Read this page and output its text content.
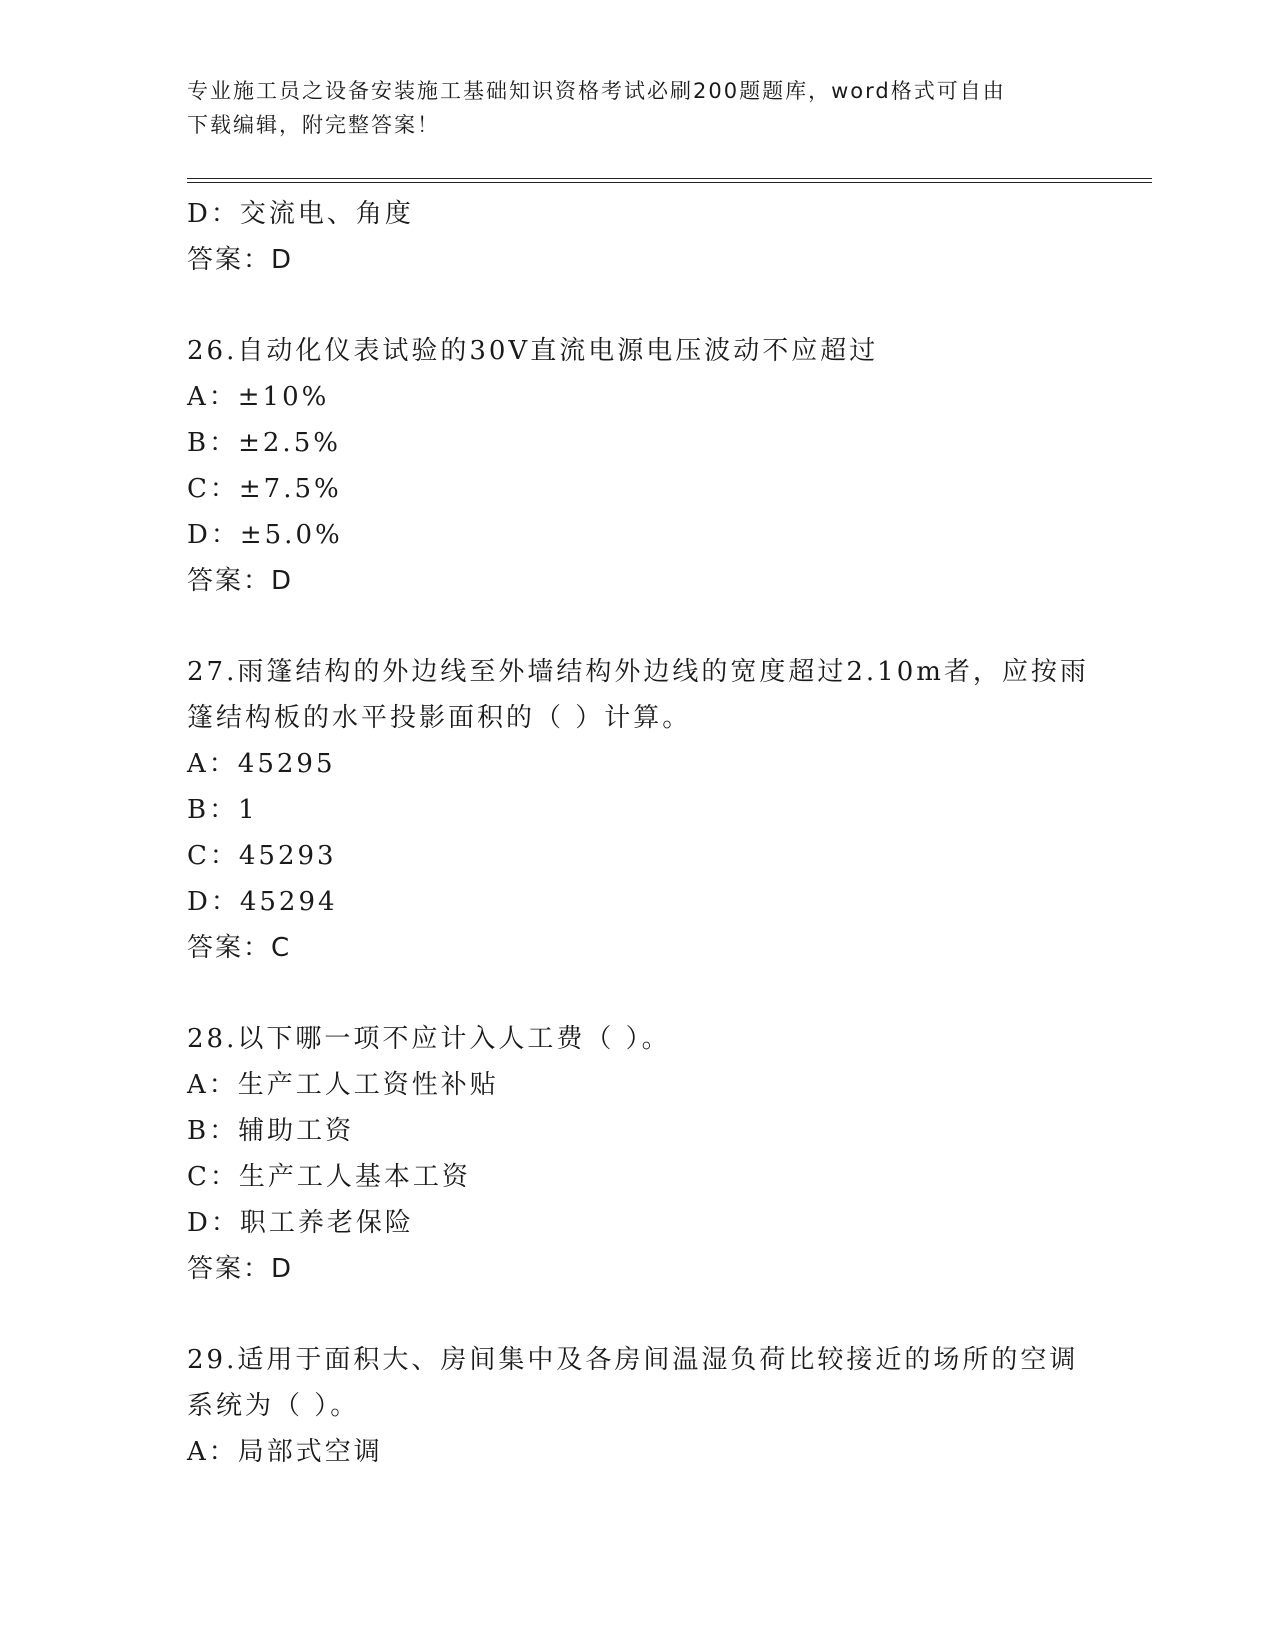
专业施工员之设备安装施工基础知识资格考试必刷200题题库，word格式可自由
下载编辑，附完整答案！
D：交流电、角度
答案：D
26.自动化仪表试验的30V直流电源电压波动不应超过
A：±10%
B：±2.5%
C：±7.5%
D：±5.0%
答案：D
27.雨篷结构的外边线至外墙结构外边线的宽度超过2.10m者，应按雨
篷结构板的水平投影面积的（ ）计算。
A：45295
B：1
C：45293
D：45294
答案：C
28.以下哪一项不应计入人工费（ ）。
A：生产工人工资性补贴
B：辅助工资
C：生产工人基本工资
D：职工养老保险
答案：D
29.适用于面积大、房间集中及各房间温湿负荷比较接近的场所的空调
系统为（ ）。
A：局部式空调
